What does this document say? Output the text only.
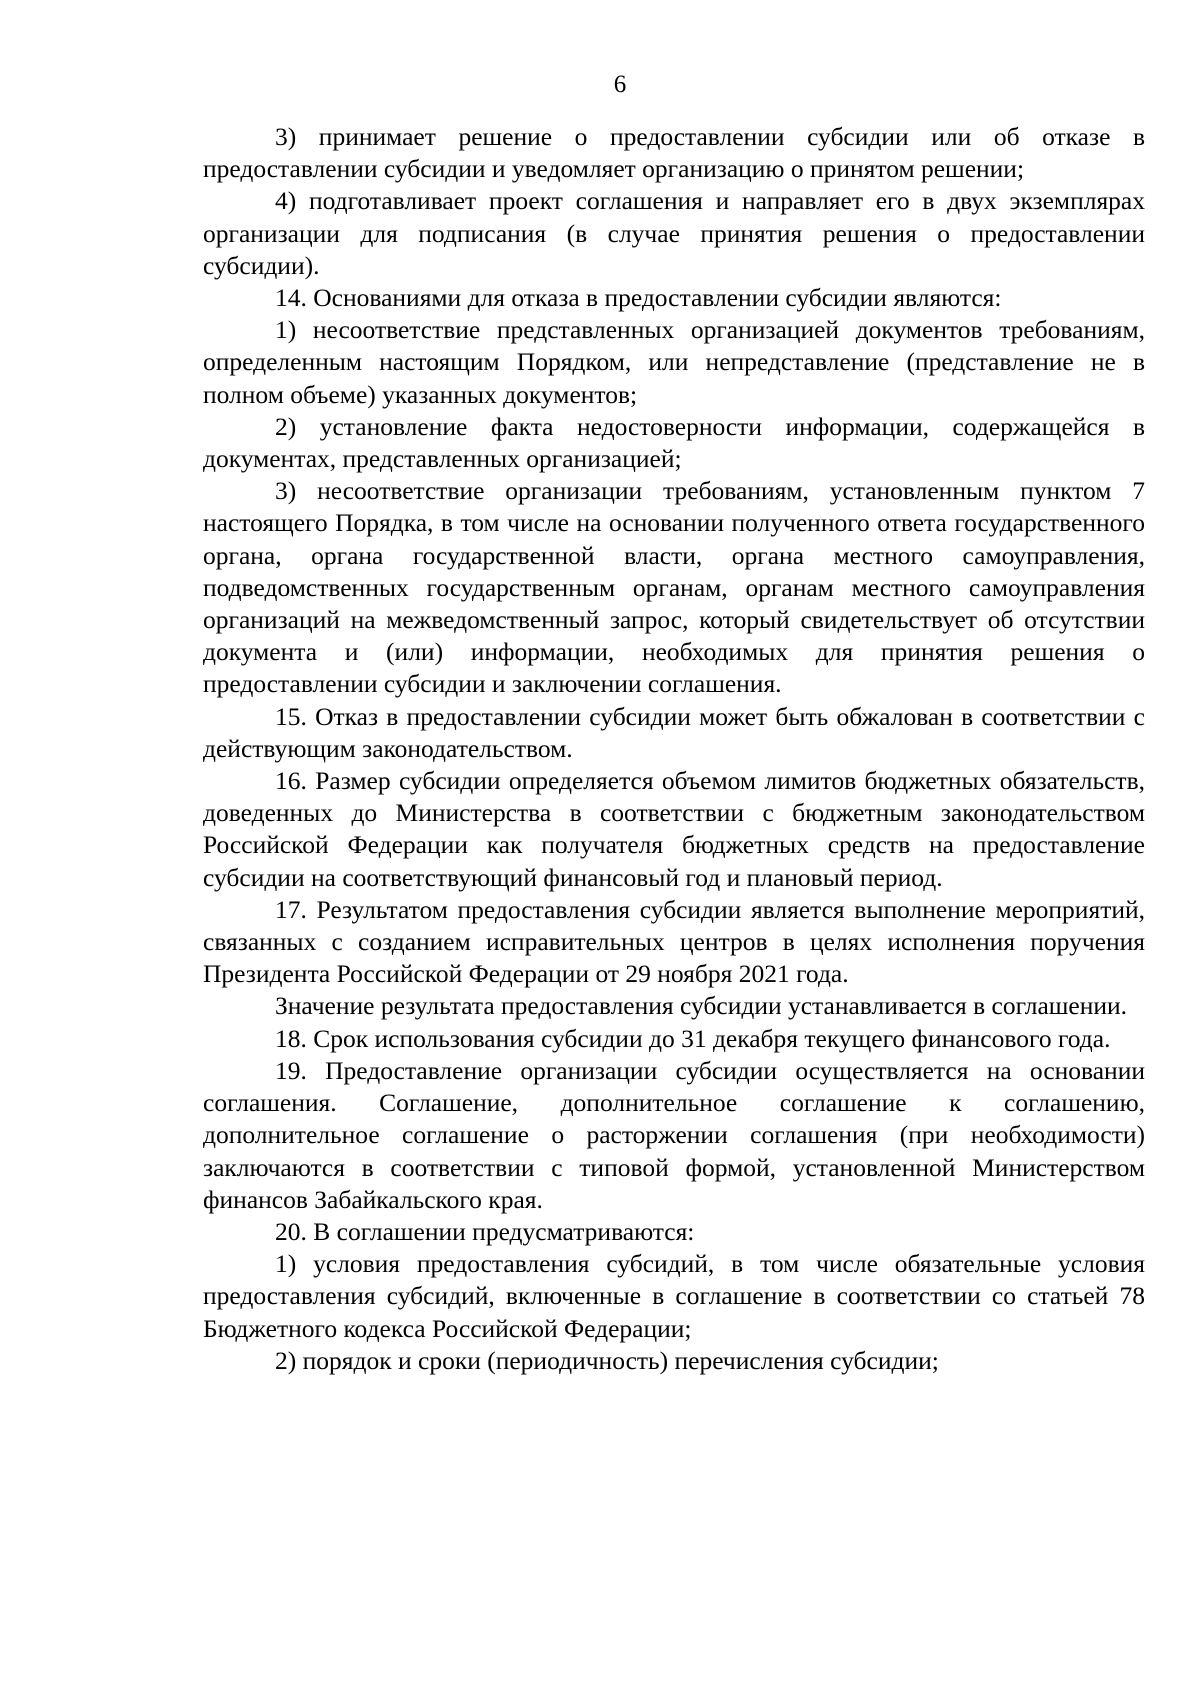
6

3) принимает решение о предоставлении субсидии или об отказе в предоставлении субсидии и уведомляет организацию о принятом решении;

4) подготавливает проект соглашения и направляет его в двух экземплярах организации для подписания (в случае принятия решения о предоставлении субсидии).

14. Основаниями для отказа в предоставлении субсидии являются:

1) несоответствие представленных организацией документов требованиям, определенным настоящим Порядком, или непредставление (представление не в полном объеме) указанных документов;

2) установление факта недостоверности информации, содержащейся в документах, представленных организацией;

3) несоответствие организации требованиям, установленным пунктом 7 настоящего Порядка, в том числе на основании полученного ответа государственного органа, органа государственной власти, органа местного самоуправления, подведомственных государственным органам, органам местного самоуправления организаций на межведомственный запрос, который свидетельствует об отсутствии документа и (или) информации, необходимых для принятия решения о предоставлении субсидии и заключении соглашения.

15. Отказ в предоставлении субсидии может быть обжалован в соответствии с действующим законодательством.

16. Размер субсидии определяется объемом лимитов бюджетных обязательств, доведенных до Министерства в соответствии с бюджетным законодательством Российской Федерации как получателя бюджетных средств на предоставление субсидии на соответствующий финансовый год и плановый период.

17. Результатом предоставления субсидии является выполнение мероприятий, связанных с созданием исправительных центров в целях исполнения поручения Президента Российской Федерации от 29 ноября 2021 года.

Значение результата предоставления субсидии устанавливается в соглашении.

18. Срок использования субсидии до 31 декабря текущего финансового года.

19. Предоставление организации субсидии осуществляется на основании соглашения. Соглашение, дополнительное соглашение к соглашению, дополнительное соглашение о расторжении соглашения (при необходимости) заключаются в соответствии с типовой формой, установленной Министерством финансов Забайкальского края.

20. В соглашении предусматриваются:

1) условия предоставления субсидий, в том числе обязательные условия предоставления субсидий, включенные в соглашение в соответствии со статьей 78 Бюджетного кодекса Российской Федерации;

2) порядок и сроки (периодичность) перечисления субсидии;
